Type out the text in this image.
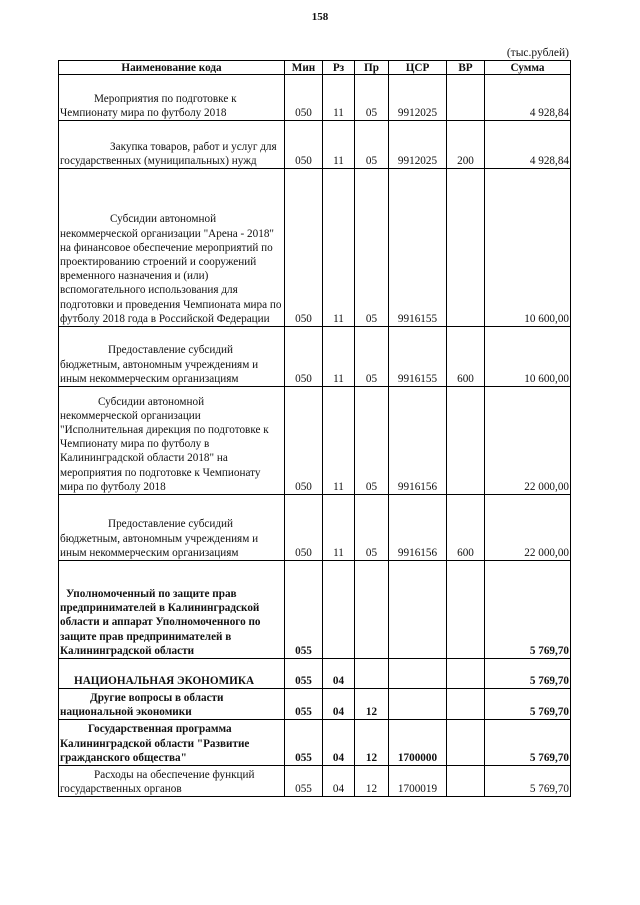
158
(тыс.рублей)
Наименование кода	Мин	Рз	Пр	ЦСР	ВР	Сумма
Мероприятия по подготовке к Чемпионату мира по футболу 2018	050	11	05	9912025		4 928,84
Закупка товаров, работ и услуг для государственных (муниципальных) нужд	050	11	05	9912025	200	4 928,84
Субсидии автономной некоммерческой организации "Арена - 2018" на финансовое обеспечение мероприятий по проектированию строений и сооружений временного назначения и (или) вспомогательного использования для подготовки и проведения Чемпионата мира по футболу 2018 года в Российской Федерации	050	11	05	9916155		10 600,00
Предоставление субсидий бюджетным, автономным учреждениям и иным некоммерческим организациям	050	11	05	9916155	600	10 600,00
Субсидии автономной некоммерческой организации "Исполнительная дирекция по подготовке к Чемпионату мира по футболу в Калининградской области 2018" на мероприятия по подготовке к Чемпионату мира по футболу 2018	050	11	05	9916156		22 000,00
Предоставление субсидий бюджетным, автономным учреждениям и иным некоммерческим организациям	050	11	05	9916156	600	22 000,00
Уполномоченный по защите прав предпринимателей в Калининградской области и аппарат Уполномоченного по защите прав предпринимателей в Калининградской области	055					5 769,70
НАЦИОНАЛЬНАЯ ЭКОНОМИКА	055	04				5 769,70
Другие вопросы в области национальной экономики	055	04	12			5 769,70
Государственная программа Калининградской области "Развитие гражданского общества"	055	04	12	1700000		5 769,70
Расходы на обеспечение функций государственных органов	055	04	12	1700019		5 769,70
